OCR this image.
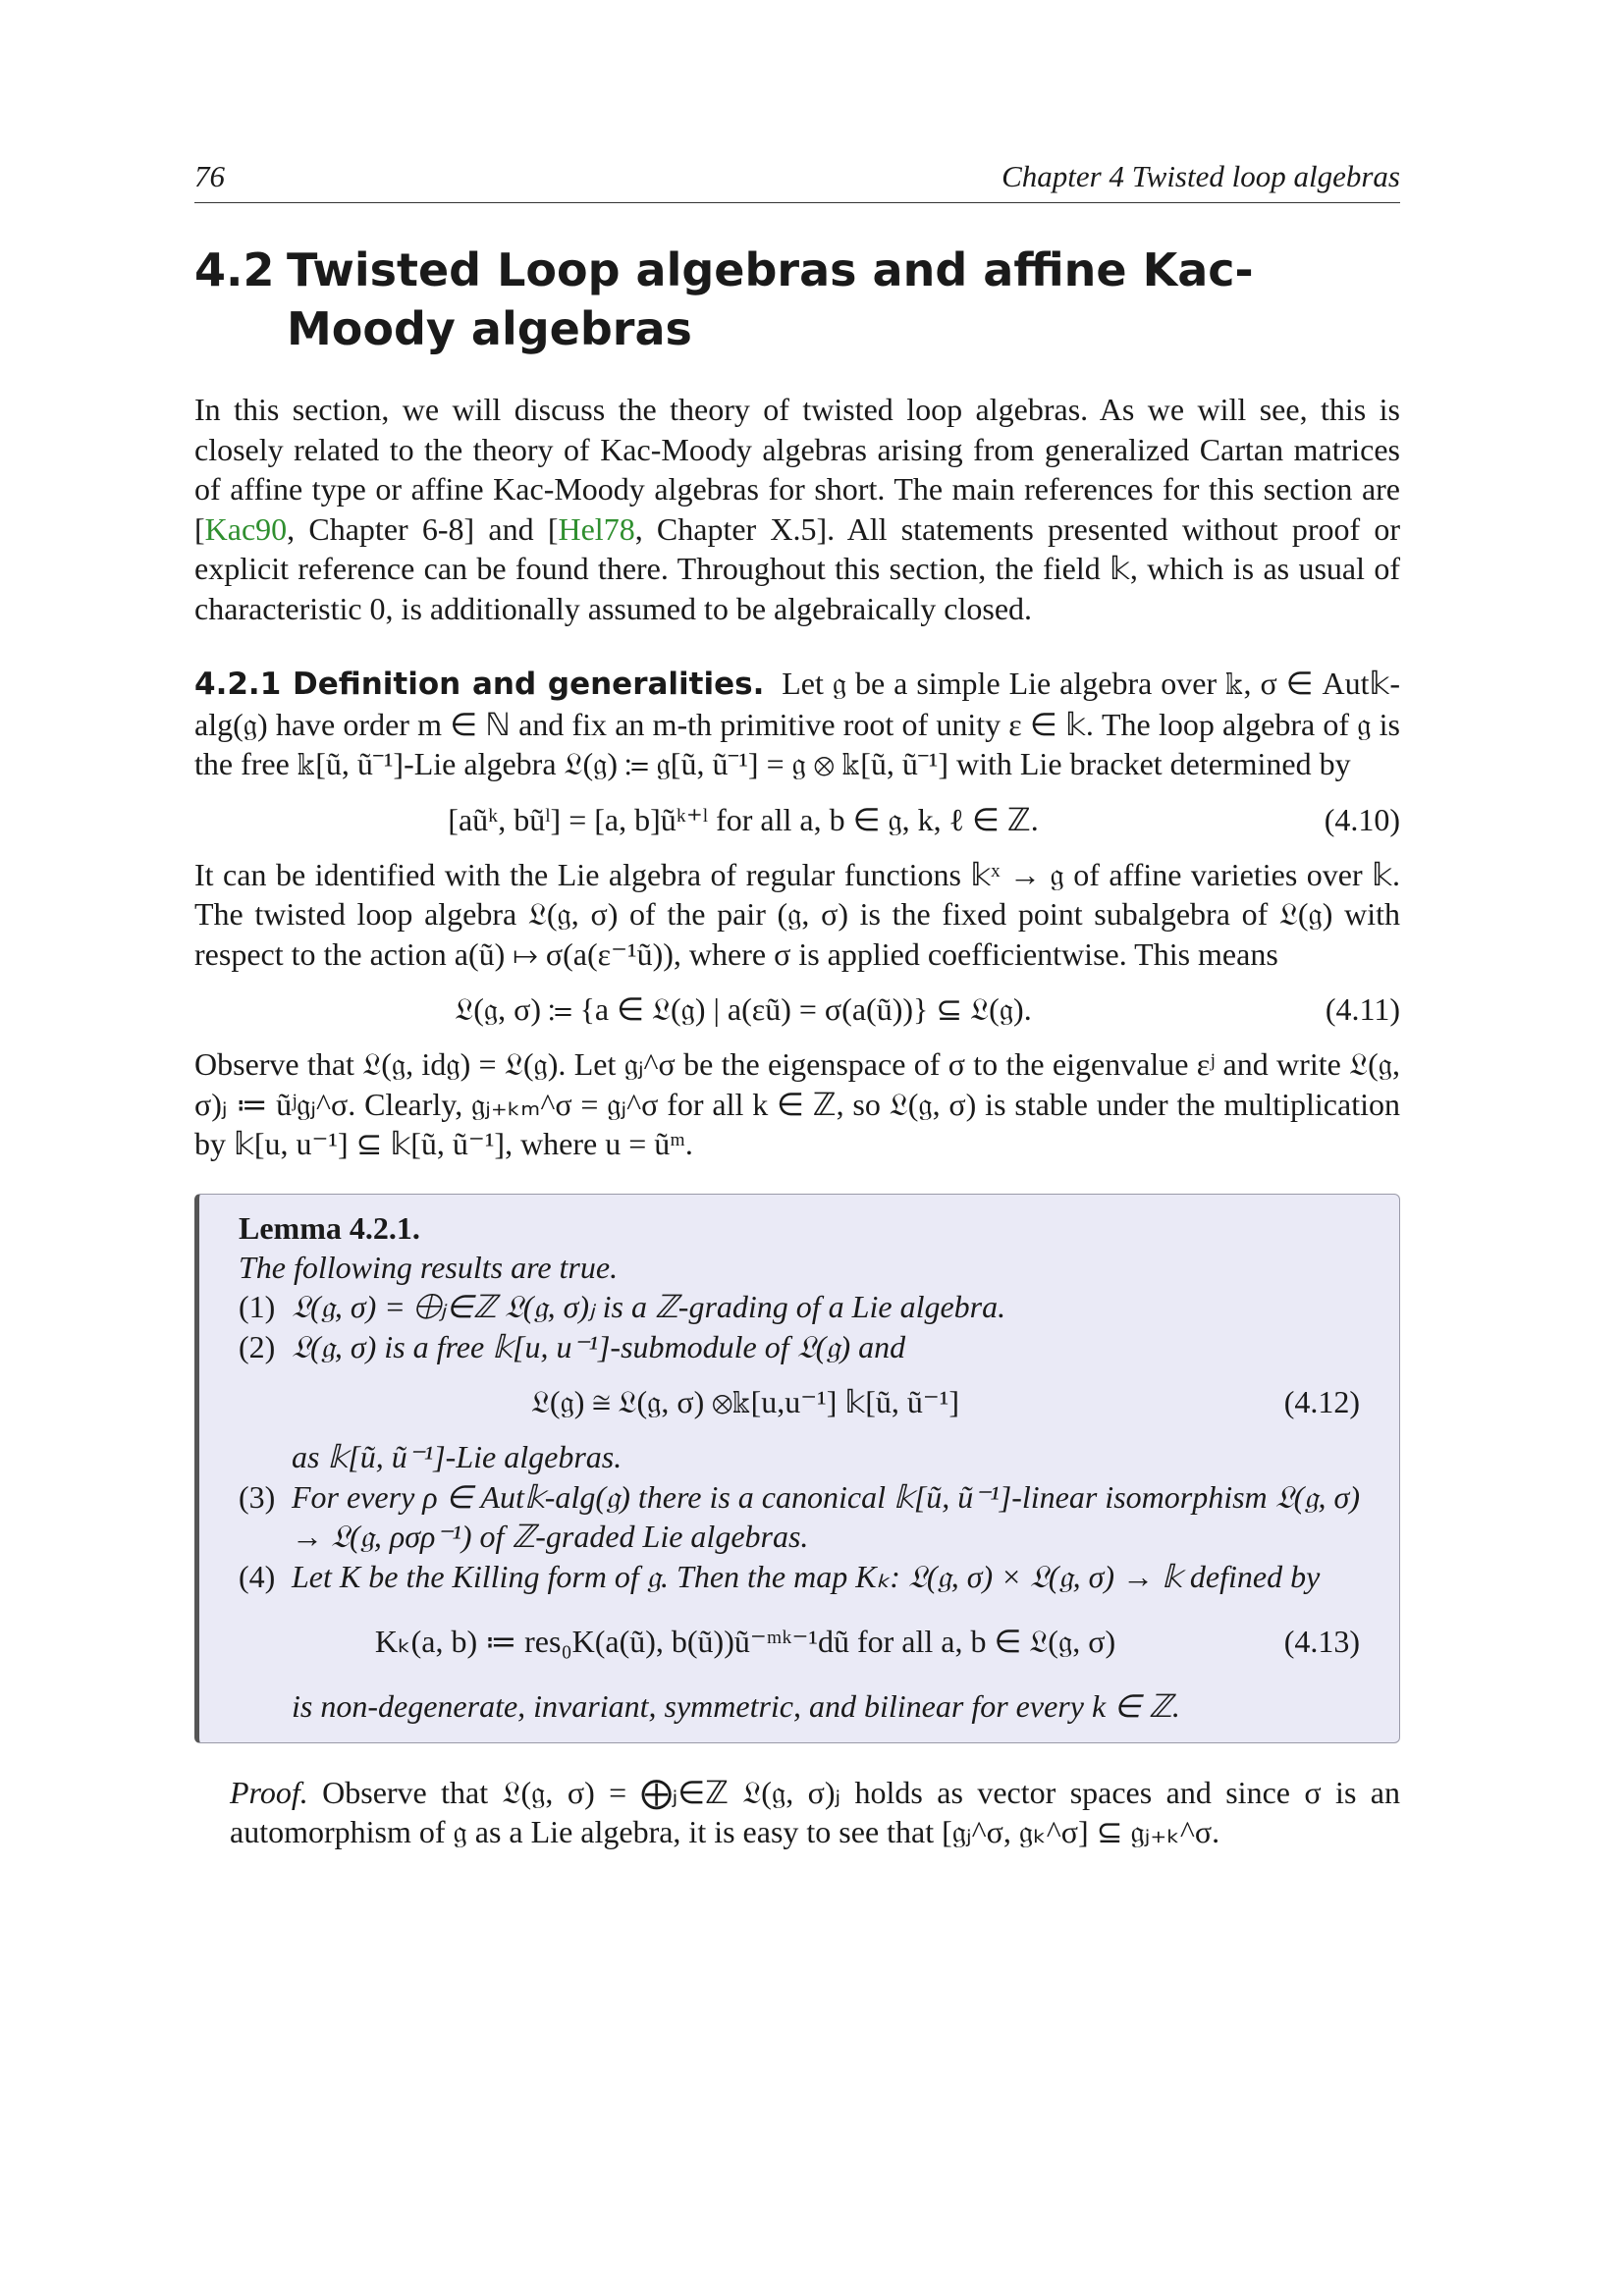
76	Chapter 4 Twisted loop algebras
4.2 Twisted Loop algebras and affine Kac-Moody algebras

In this section, we will discuss the theory of twisted loop algebras. As we will see, this is closely related to the theory of Kac-Moody algebras arising from generalized Cartan matrices of affine type or affine Kac-Moody algebras for short. The main references for this section are [Kac90, Chapter 6-8] and [Hel78, Chapter X.5]. All statements presented without proof or explicit reference can be found there. Throughout this section, the field 𝕜, which is as usual of characteristic 0, is additionally assumed to be algebraically closed.

4.2.1 Definition and generalities. Let 𝔤 be a simple Lie algebra over 𝕜, σ ∈ Aut𝕜-alg(𝔤) have order m ∈ ℕ and fix an m-th primitive root of unity ε ∈ 𝕜. The loop algebra of 𝔤 is the free 𝕜[ũ, ũ⁻¹]-Lie algebra 𝔏(𝔤) ≔ 𝔤[ũ, ũ⁻¹] = 𝔤 ⊗ 𝕜[ũ, ũ⁻¹] with Lie bracket determined by

[aũᵏ, bũˡ] = [a, b]ũᵏ⁺ˡ for all a, b ∈ 𝔤, k, ℓ ∈ ℤ.	(4.10)

It can be identified with the Lie algebra of regular functions 𝕜ˣ → 𝔤 of affine varieties over 𝕜. The twisted loop algebra 𝔏(𝔤, σ) of the pair (𝔤, σ) is the fixed point subalgebra of 𝔏(𝔤) with respect to the action a(ũ) ↦ σ(a(ε⁻¹ũ)), where σ is applied coefficientwise. This means

𝔏(𝔤, σ) ≔ {a ∈ 𝔏(𝔤) | a(εũ) = σ(a(ũ))} ⊆ 𝔏(𝔤).	(4.11)

Observe that 𝔏(𝔤, id𝔤) = 𝔏(𝔤). Let 𝔤ⱼ^σ be the eigenspace of σ to the eigenvalue εʲ and write 𝔏(𝔤, σ)ⱼ ≔ ũʲ𝔤ⱼ^σ. Clearly, 𝔤ⱼ₊ₖₘ^σ = 𝔤ⱼ^σ for all k ∈ ℤ, so 𝔏(𝔤, σ) is stable under the multiplication by 𝕜[u, u⁻¹] ⊆ 𝕜[ũ, ũ⁻¹], where u = ũᵐ.

Lemma 4.2.1.

The following results are true.

(1) 𝔏(𝔤, σ) = ⨁ⱼ∈ℤ 𝔏(𝔤, σ)ⱼ is a ℤ-grading of a Lie algebra.
(2) 𝔏(𝔤, σ) is a free 𝕜[u, u⁻¹]-submodule of 𝔏(𝔤) and
𝔏(𝔤) ≅ 𝔏(𝔤, σ) ⊗𝕜[u,u⁻¹] 𝕜[ũ, ũ⁻¹]	(4.12)
as 𝕜[ũ, ũ⁻¹]-Lie algebras.
(3) For every ρ ∈ Aut𝕜-alg(𝔤) there is a canonical 𝕜[ũ, ũ⁻¹]-linear isomorphism 𝔏(𝔤, σ) → 𝔏(𝔤, ρσρ⁻¹) of ℤ-graded Lie algebras.
(4) Let K be the Killing form of 𝔤. Then the map Kₖ: 𝔏(𝔤, σ) × 𝔏(𝔤, σ) → 𝕜 defined by
Kₖ(a, b) ≔ res₀K(a(ũ), b(ũ))ũ⁻ᵐᵏ⁻¹dũ for all a, b ∈ 𝔏(𝔤, σ)	(4.13)
is non-degenerate, invariant, symmetric, and bilinear for every k ∈ ℤ.

Proof. Observe that 𝔏(𝔤, σ) = ⨁ⱼ∈ℤ 𝔏(𝔤, σ)ⱼ holds as vector spaces and since σ is an automorphism of 𝔤 as a Lie algebra, it is easy to see that [𝔤ⱼ^σ, 𝔤ₖ^σ] ⊆ 𝔤ⱼ₊ₖ^σ.
